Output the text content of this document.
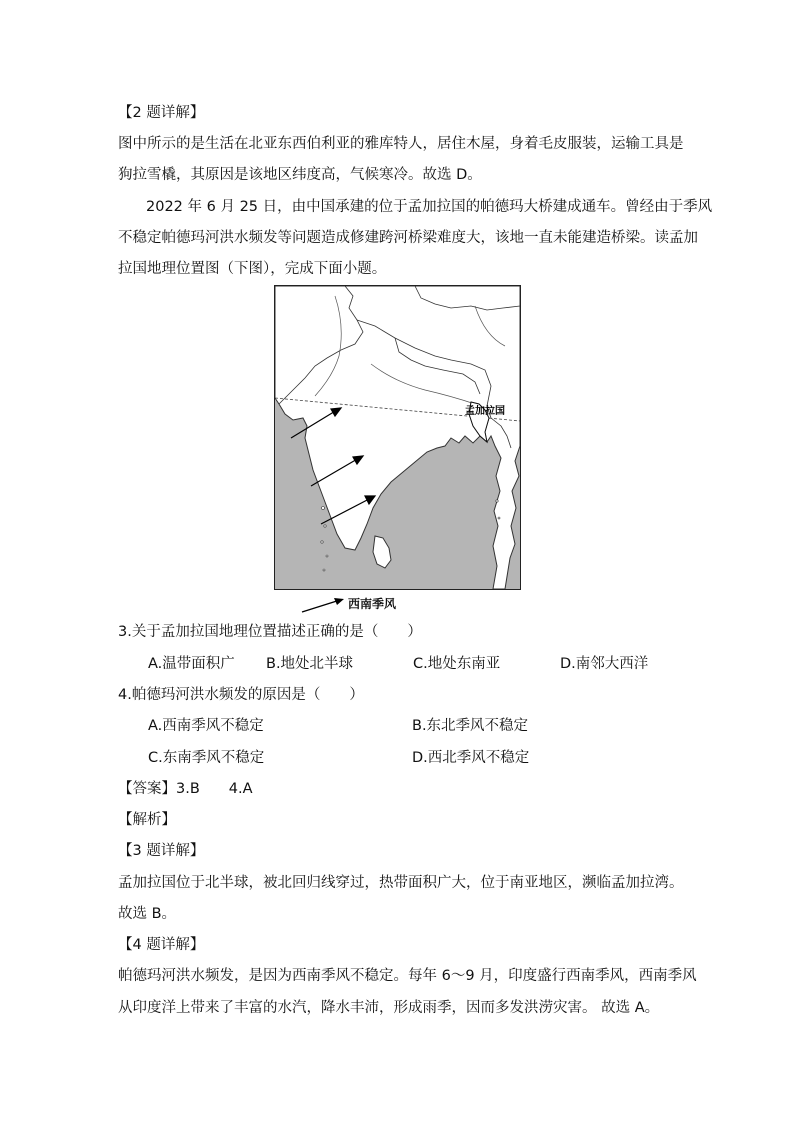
【2 题详解】
图中所示的是生活在北亚东西伯利亚的雅库特人，居住木屋，身着毛皮服装，运输工具是
狗拉雪橇，其原因是该地区纬度高，气候寒冷。故选 D。
2022 年 6 月 25 日，由中国承建的位于孟加拉国的帕德玛大桥建成通车。曾经由于季风
不稳定帕德玛河洪水频发等问题造成修建跨河桥梁难度大，该地一直未能建造桥梁。读孟加
拉国地理位置图（下图），完成下面小题。
孟加拉国
西南季风
3.关于孟加拉国地理位置描述正确的是（　　）
A.温带面积广 B.地处北半球	C.地处东南亚	D.南邻大西洋
4.帕德玛河洪水频发的原因是（　　）
A.西南季风不稳定	B.东北季风不稳定
C.东南季风不稳定	D.西北季风不稳定
【答案】3.B　　4.A
【解析】
【3 题详解】
孟加拉国位于北半球，被北回归线穿过，热带面积广大，位于南亚地区，濒临孟加拉湾。
故选 B。
【4 题详解】
帕德玛河洪水频发，是因为西南季风不稳定。每年 6～9 月，印度盛行西南季风，西南季风
从印度洋上带来了丰富的水汽，降水丰沛，形成雨季，因而多发洪涝灾害。 故选 A。
